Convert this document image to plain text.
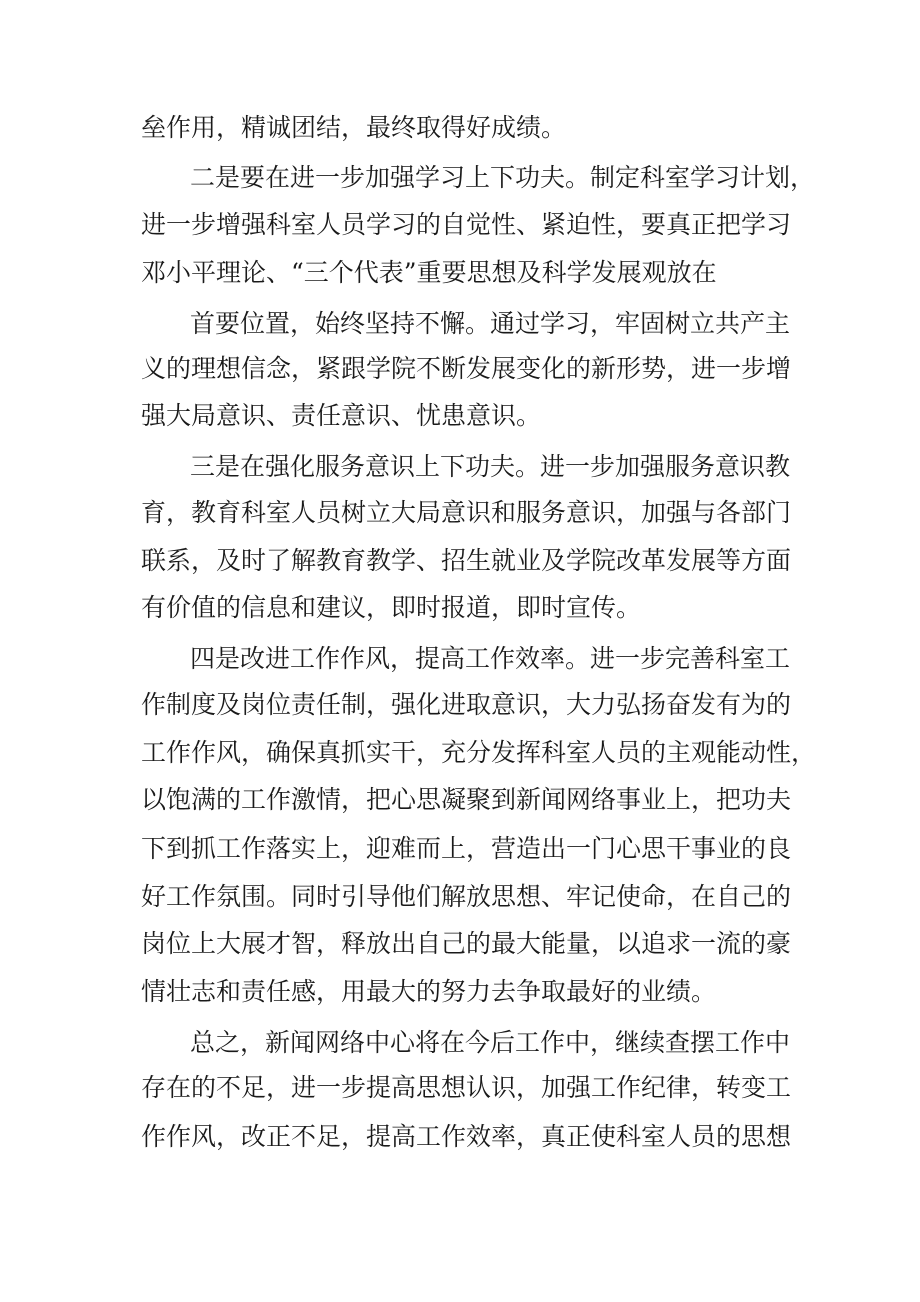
垒作用，精诚团结，最终取得好成绩。

二是要在进一步加强学习上下功夫。制定科室学习计划，

进一步增强科室人员学习的自觉性、紧迫性，要真正把学习

邓小平理论、“三个代表”重要思想及科学发展观放在

首要位置，始终坚持不懈。通过学习，牢固树立共产主

义的理想信念，紧跟学院不断发展变化的新形势，进一步增

强大局意识、责任意识、忧患意识。

三是在强化服务意识上下功夫。进一步加强服务意识教

育，教育科室人员树立大局意识和服务意识，加强与各部门

联系，及时了解教育教学、招生就业及学院改革发展等方面

有价值的信息和建议，即时报道，即时宣传。

四是改进工作作风，提高工作效率。进一步完善科室工

作制度及岗位责任制，强化进取意识，大力弘扬奋发有为的

工作作风，确保真抓实干，充分发挥科室人员的主观能动性，

以饱满的工作激情，把心思凝聚到新闻网络事业上，把功夫

下到抓工作落实上，迎难而上，营造出一门心思干事业的良

好工作氛围。同时引导他们解放思想、牢记使命，在自己的

岗位上大展才智，释放出自己的最大能量，以追求一流的豪

情壮志和责任感，用最大的努力去争取最好的业绩。

总之，新闻网络中心将在今后工作中，继续查摆工作中

存在的不足，进一步提高思想认识，加强工作纪律，转变工

作作风，改正不足，提高工作效率，真正使科室人员的思想
